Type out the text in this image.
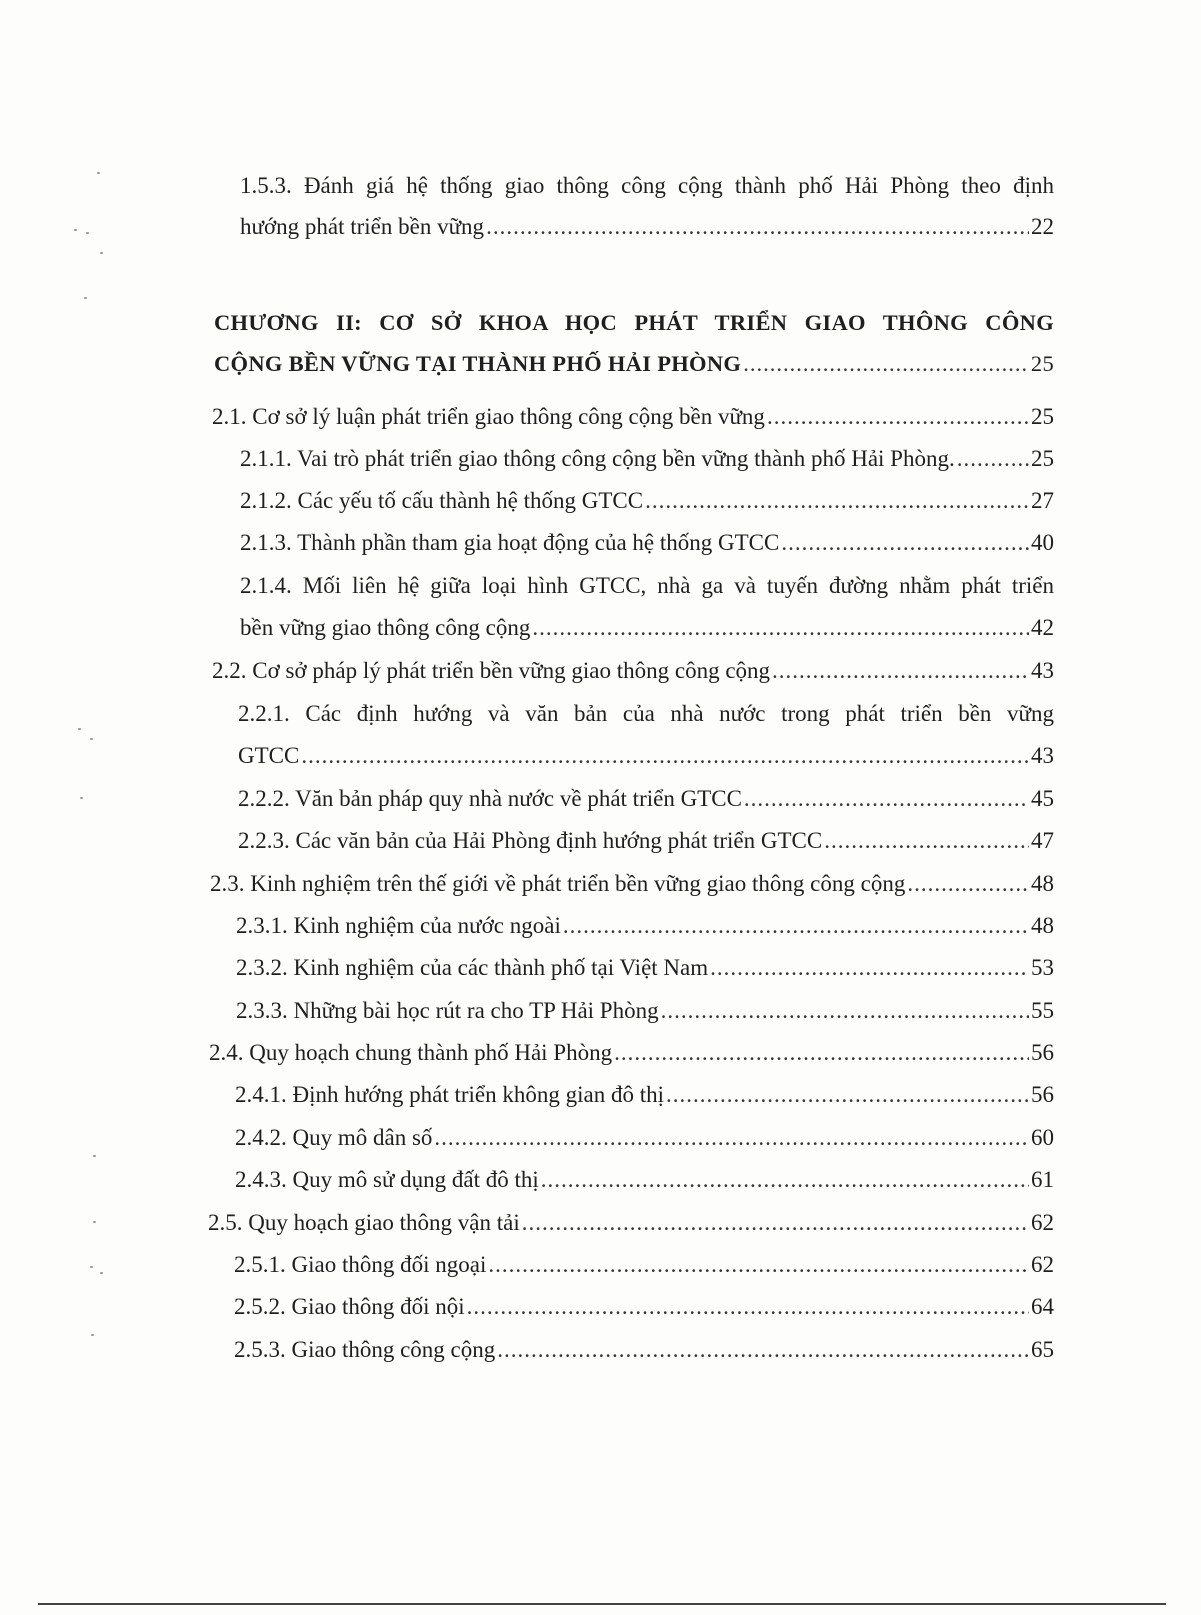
1.5.3. Đánh giá hệ thống giao thông công cộng thành phố Hải Phòng theo định
hướng phát triển bền vững .....	22
CHƯƠNG II: CƠ SỞ KHOA HỌC PHÁT TRIỂN GIAO THÔNG CÔNG
CỘNG BỀN VỮNG TẠI THÀNH PHỐ HẢI PHÒNG .....	25
2.1. Cơ sở lý luận phát triển giao thông công cộng bền vững .....	25
2.1.1. Vai trò phát triển giao thông công cộng bền vững thành phố Hải Phòng. .....	25
2.1.2. Các yếu tố cấu thành hệ thống GTCC .....	27
2.1.3. Thành phần tham gia hoạt động của hệ thống GTCC .....	40
2.1.4. Mối liên hệ giữa loại hình GTCC, nhà ga và tuyến đường nhằm phát triển
bền vững giao thông công cộng .....	42
2.2. Cơ sở pháp lý phát triển bền vững giao thông công cộng .....	43
2.2.1. Các định hướng và văn bản của nhà nước trong phát triển bền vững
GTCC .....	43
2.2.2. Văn bản pháp quy nhà nước về phát triển GTCC .....	45
2.2.3. Các văn bản của Hải Phòng định hướng phát triển GTCC .....	47
2.3. Kinh nghiệm trên thế giới về phát triển bền vững giao thông công cộng .....	48
2.3.1. Kinh nghiệm của nước ngoài .....	48
2.3.2. Kinh nghiệm của các thành phố tại Việt Nam .....	53
2.3.3. Những bài học rút ra cho TP Hải Phòng .....	55
2.4. Quy hoạch chung thành phố Hải Phòng .....	56
2.4.1. Định hướng phát triển không gian đô thị .....	56
2.4.2. Quy mô dân số .....	60
2.4.3. Quy mô sử dụng đất đô thị .....	61
2.5. Quy hoạch giao thông vận tải .....	62
2.5.1. Giao thông đối ngoại .....	62
2.5.2. Giao thông đối nội .....	64
2.5.3. Giao thông công cộng .....	65
